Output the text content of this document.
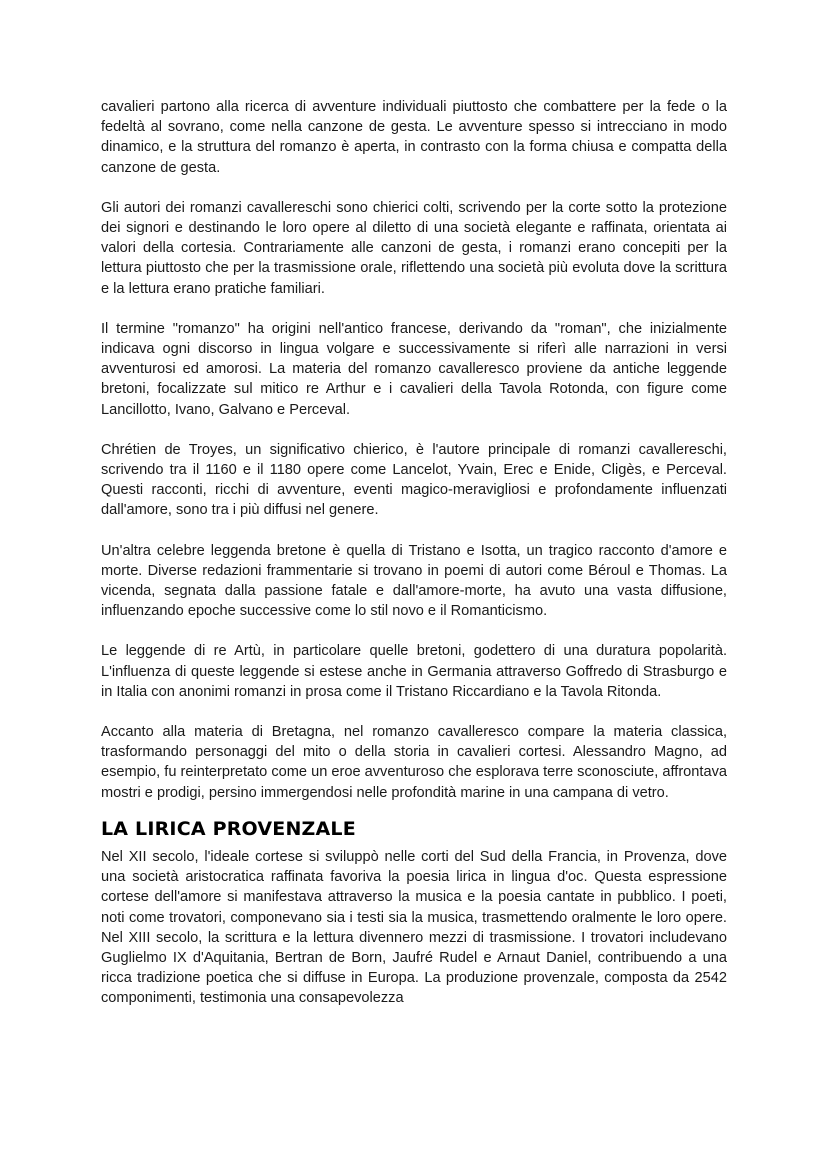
cavalieri partono alla ricerca di avventure individuali piuttosto che combattere per la fede o la fedeltà al sovrano, come nella canzone de gesta. Le avventure spesso si intrecciano in modo dinamico, e la struttura del romanzo è aperta, in contrasto con la forma chiusa e compatta della canzone de gesta.

Gli autori dei romanzi cavallereschi sono chierici colti, scrivendo per la corte sotto la protezione dei signori e destinando le loro opere al diletto di una società elegante e raffinata, orientata ai valori della cortesia. Contrariamente alle canzoni de gesta, i romanzi erano concepiti per la lettura piuttosto che per la trasmissione orale, riflettendo una società più evoluta dove la scrittura e la lettura erano pratiche familiari.

Il termine "romanzo" ha origini nell'antico francese, derivando da "roman", che inizialmente indicava ogni discorso in lingua volgare e successivamente si riferì alle narrazioni in versi avventurosi ed amorosi. La materia del romanzo cavalleresco proviene da antiche leggende bretoni, focalizzate sul mitico re Arthur e i cavalieri della Tavola Rotonda, con figure come Lancillotto, Ivano, Galvano e Perceval.

Chrétien de Troyes, un significativo chierico, è l'autore principale di romanzi cavallereschi, scrivendo tra il 1160 e il 1180 opere come Lancelot, Yvain, Erec e Enide, Cligès, e Perceval. Questi racconti, ricchi di avventure, eventi magico-meravigliosi e profondamente influenzati dall'amore, sono tra i più diffusi nel genere.

Un'altra celebre leggenda bretone è quella di Tristano e Isotta, un tragico racconto d'amore e morte. Diverse redazioni frammentarie si trovano in poemi di autori come Béroul e Thomas. La vicenda, segnata dalla passione fatale e dall'amore-morte, ha avuto una vasta diffusione, influenzando epoche successive come lo stil novo e il Romanticismo.

Le leggende di re Artù, in particolare quelle bretoni, godettero di una duratura popolarità. L'influenza di queste leggende si estese anche in Germania attraverso Goffredo di Strasburgo e in Italia con anonimi romanzi in prosa come il Tristano Riccardiano e la Tavola Ritonda.

Accanto alla materia di Bretagna, nel romanzo cavalleresco compare la materia classica, trasformando personaggi del mito o della storia in cavalieri cortesi. Alessandro Magno, ad esempio, fu reinterpretato come un eroe avventuroso che esplorava terre sconosciute, affrontava mostri e prodigi, persino immergendosi nelle profondità marine in una campana di vetro.

LA LIRICA PROVENZALE

Nel XII secolo, l'ideale cortese si sviluppò nelle corti del Sud della Francia, in Provenza, dove una società aristocratica raffinata favoriva la poesia lirica in lingua d'oc. Questa espressione cortese dell'amore si manifestava attraverso la musica e la poesia cantate in pubblico. I poeti, noti come trovatori, componevano sia i testi sia la musica, trasmettendo oralmente le loro opere. Nel XIII secolo, la scrittura e la lettura divennero mezzi di trasmissione. I trovatori includevano Guglielmo IX d'Aquitania, Bertran de Born, Jaufré Rudel e Arnaut Daniel, contribuendo a una ricca tradizione poetica che si diffuse in Europa. La produzione provenzale, composta da 2542 componimenti, testimonia una consapevolezza
